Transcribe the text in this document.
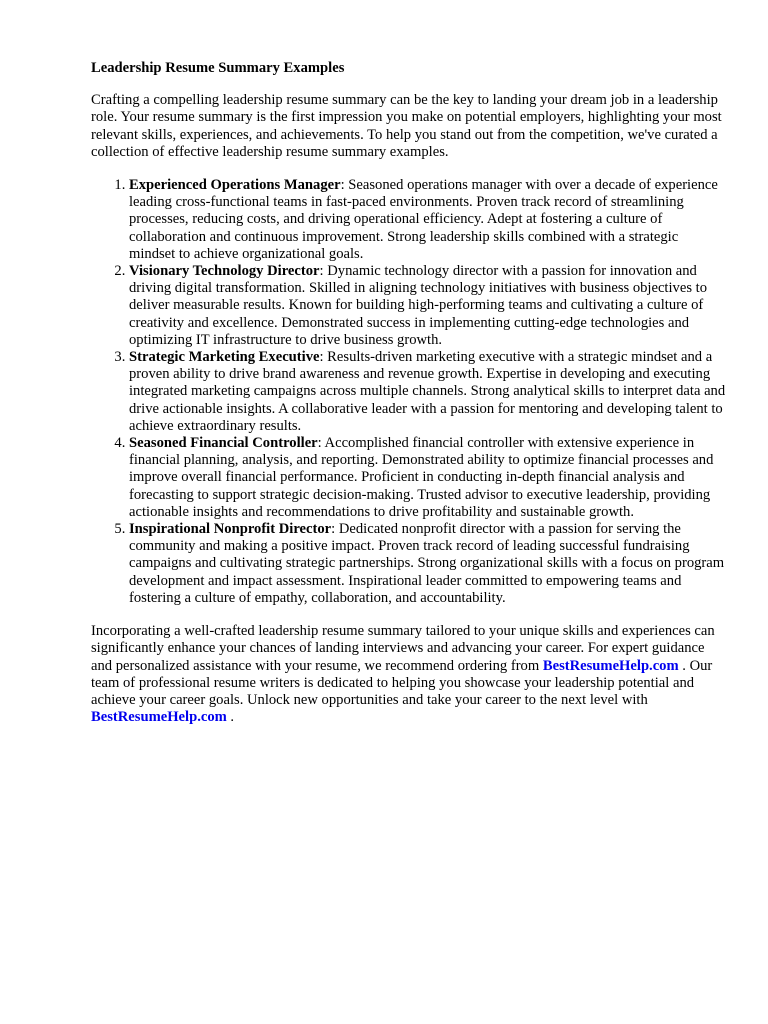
Leadership Resume Summary Examples

Crafting a compelling leadership resume summary can be the key to landing your dream job in a leadership role. Your resume summary is the first impression you make on potential employers, highlighting your most relevant skills, experiences, and achievements. To help you stand out from the competition, we've curated a collection of effective leadership resume summary examples.

1. Experienced Operations Manager: Seasoned operations manager with over a decade of experience leading cross-functional teams in fast-paced environments. Proven track record of streamlining processes, reducing costs, and driving operational efficiency. Adept at fostering a culture of collaboration and continuous improvement. Strong leadership skills combined with a strategic mindset to achieve organizational goals.
2. Visionary Technology Director: Dynamic technology director with a passion for innovation and driving digital transformation. Skilled in aligning technology initiatives with business objectives to deliver measurable results. Known for building high-performing teams and cultivating a culture of creativity and excellence. Demonstrated success in implementing cutting-edge technologies and optimizing IT infrastructure to drive business growth.
3. Strategic Marketing Executive: Results-driven marketing executive with a strategic mindset and a proven ability to drive brand awareness and revenue growth. Expertise in developing and executing integrated marketing campaigns across multiple channels. Strong analytical skills to interpret data and drive actionable insights. A collaborative leader with a passion for mentoring and developing talent to achieve extraordinary results.
4. Seasoned Financial Controller: Accomplished financial controller with extensive experience in financial planning, analysis, and reporting. Demonstrated ability to optimize financial processes and improve overall financial performance. Proficient in conducting in-depth financial analysis and forecasting to support strategic decision-making. Trusted advisor to executive leadership, providing actionable insights and recommendations to drive profitability and sustainable growth.
5. Inspirational Nonprofit Director: Dedicated nonprofit director with a passion for serving the community and making a positive impact. Proven track record of leading successful fundraising campaigns and cultivating strategic partnerships. Strong organizational skills with a focus on program development and impact assessment. Inspirational leader committed to empowering teams and fostering a culture of empathy, collaboration, and accountability.

Incorporating a well-crafted leadership resume summary tailored to your unique skills and experiences can significantly enhance your chances of landing interviews and advancing your career. For expert guidance and personalized assistance with your resume, we recommend ordering from BestResumeHelp.com . Our team of professional resume writers is dedicated to helping you showcase your leadership potential and achieve your career goals. Unlock new opportunities and take your career to the next level with BestResumeHelp.com .
